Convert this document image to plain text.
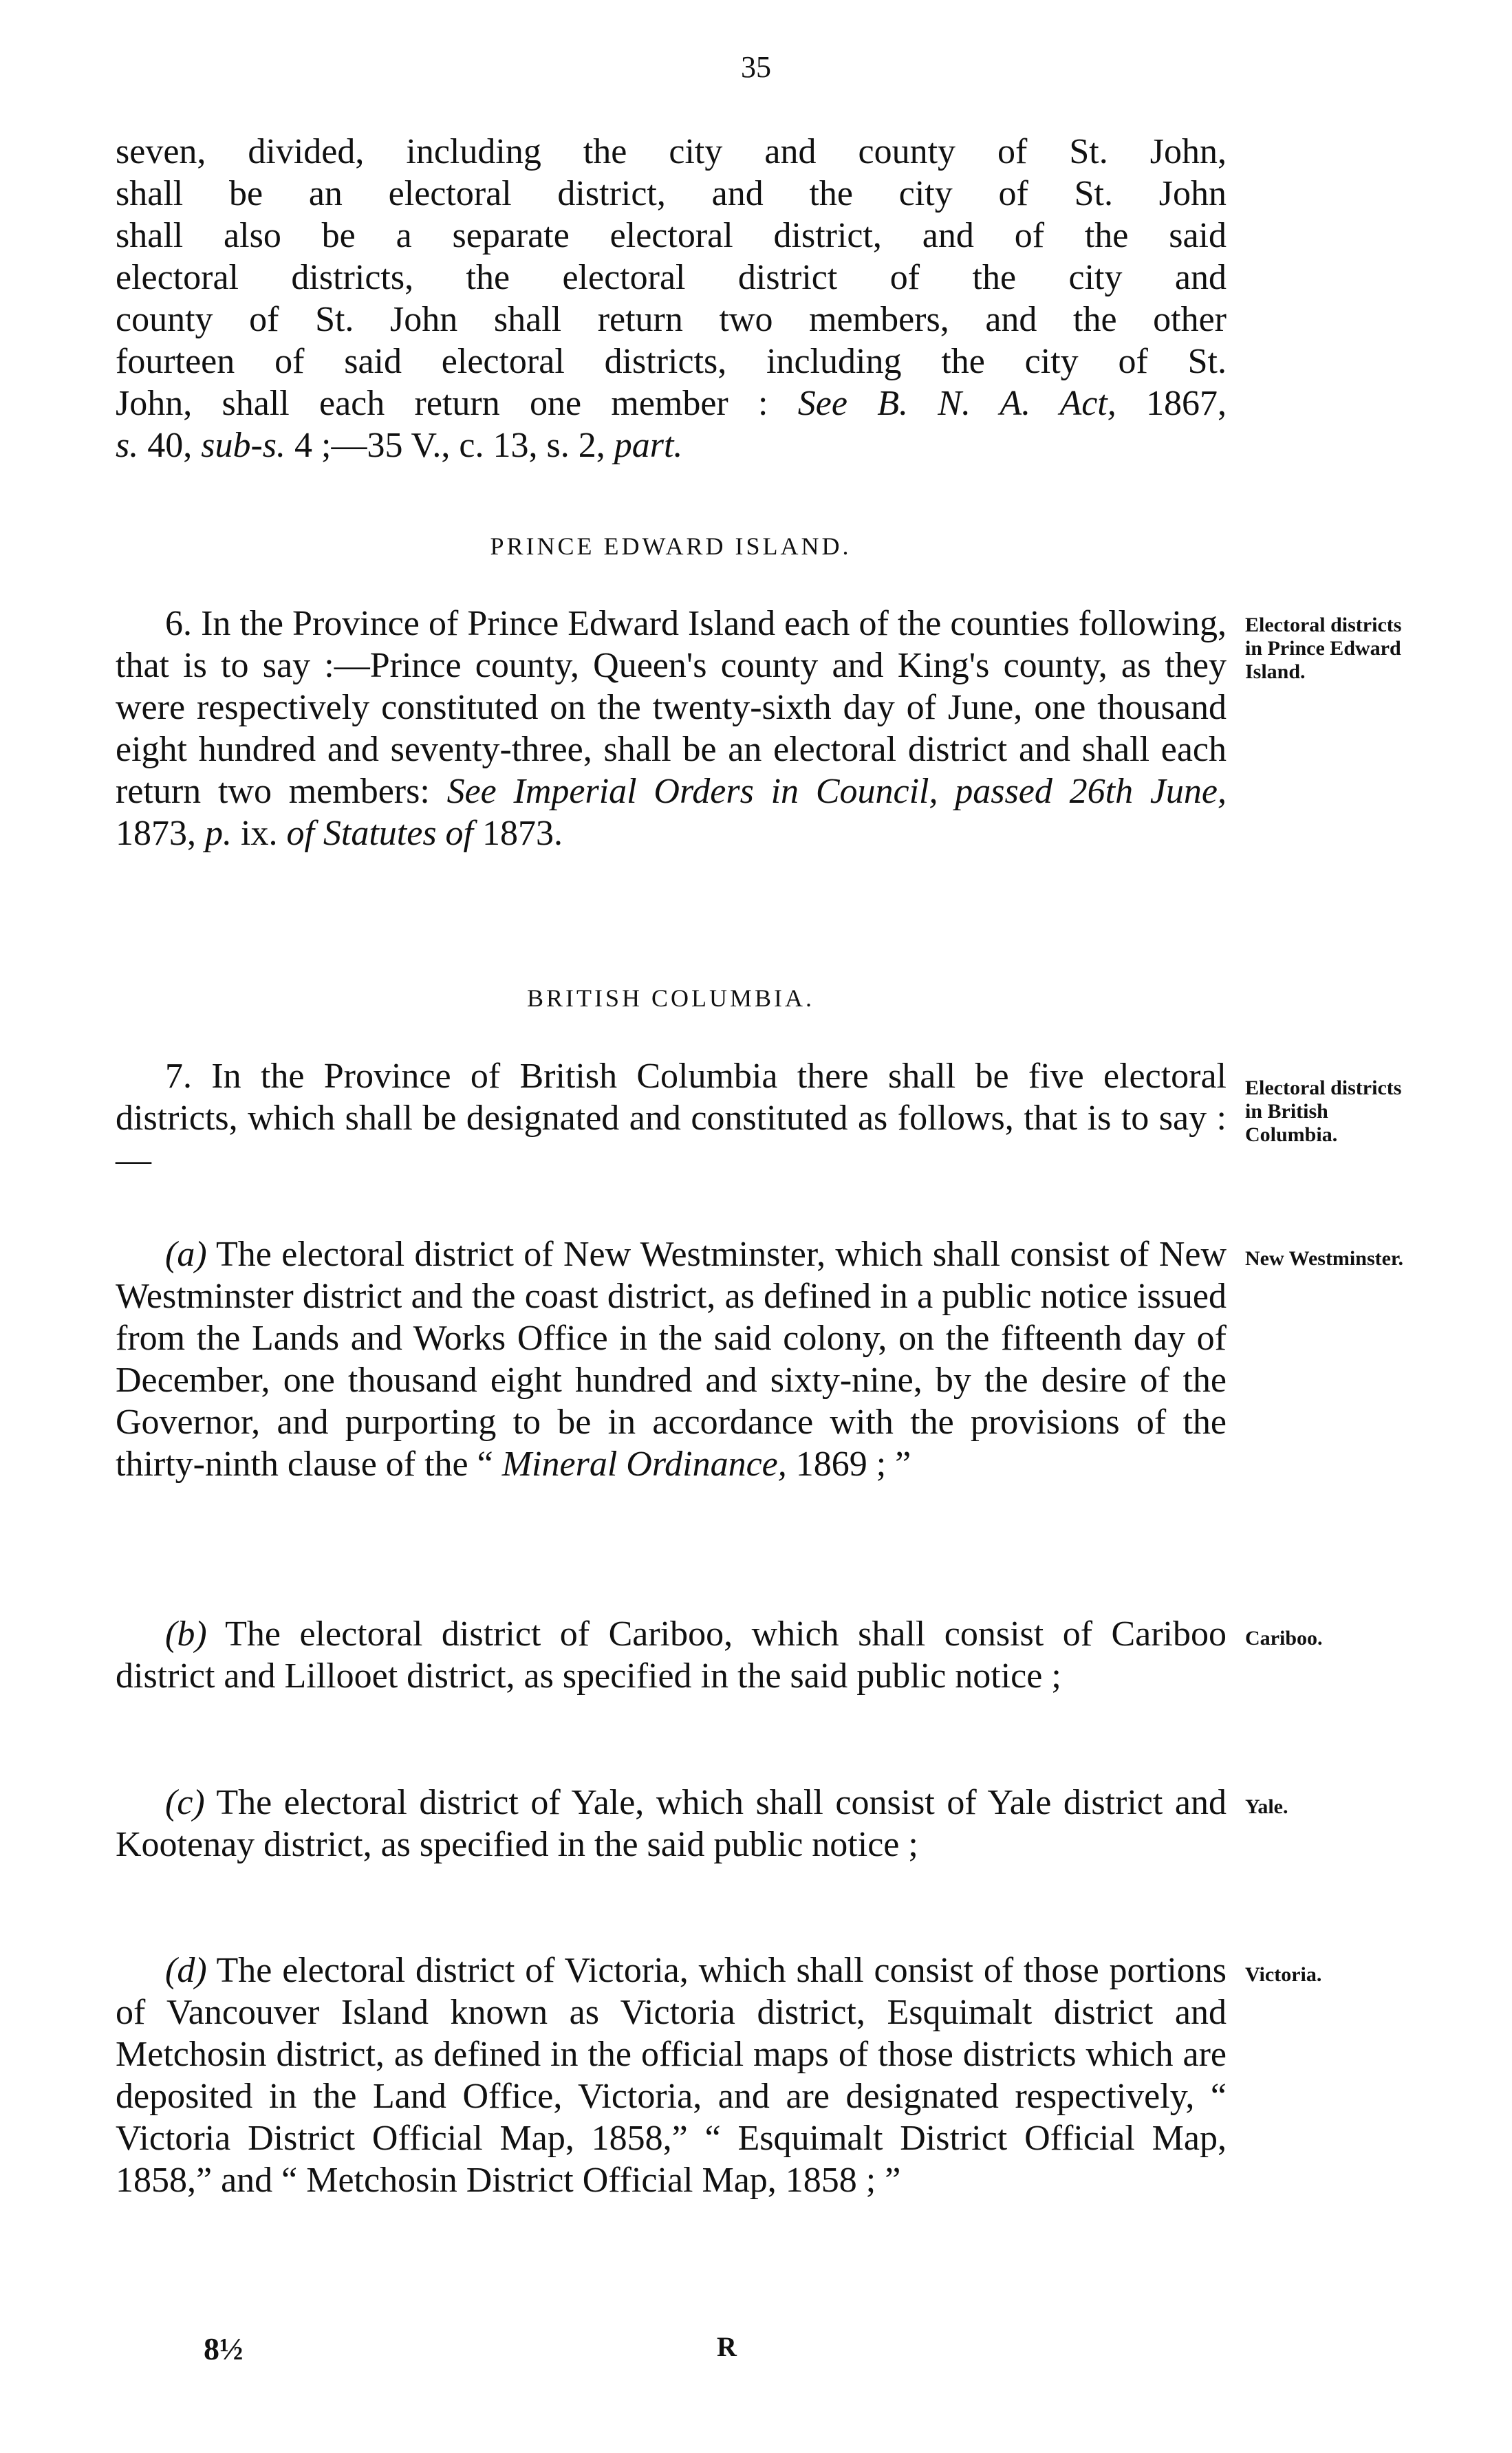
35

seven, divided, including the city and county of St. John,

shall be an electoral district, and the city of St. John

shall also be a separate electoral district, and of the said

electoral districts, the electoral district of the city and

county of St. John shall return two members, and the other

fourteen of said electoral districts, including the city of St.

John, shall each return one member : See B. N. A. Act, 1867,

s. 40, sub-s. 4 ;—35 V., c. 13, s. 2, part.

PRINCE EDWARD ISLAND.

6. In the Province of Prince Edward Island each of the counties following, that is to say :—Prince county, Queen's county and King's county, as they were respectively constituted on the twenty-sixth day of June, one thousand eight hundred and seventy-three, shall be an electoral district and shall each return two members: See Imperial Orders in Council, passed 26th June, 1873, p. ix. of Statutes of 1873.

Electoral districts in Prince Edward Island.
BRITISH COLUMBIA.

7. In the Province of British Columbia there shall be five electoral districts, which shall be designated and constituted as follows, that is to say :—

Electoral districts in British Columbia.

(a) The electoral district of New Westminster, which shall consist of New Westminster district and the coast district, as defined in a public notice issued from the Lands and Works Office in the said colony, on the fifteenth day of December, one thousand eight hundred and sixty-nine, by the desire of the Governor, and purporting to be in accordance with the provisions of the thirty-ninth clause of the “ Mineral Ordinance, 1869 ; ”

New Westminster.

(b) The electoral district of Cariboo, which shall consist of Cariboo district and Lillooet district, as specified in the said public notice ;

Cariboo.

(c) The electoral district of Yale, which shall consist of Yale district and Kootenay district, as specified in the said public notice ;

Yale.

(d) The electoral district of Victoria, which shall consist of those portions of Vancouver Island known as Victoria district, Esquimalt district and Metchosin district, as defined in the official maps of those districts which are deposited in the Land Office, Victoria, and are designated respectively, “ Victoria District Official Map, 1858,” “ Esquimalt District Official Map, 1858,” and “ Metchosin District Official Map, 1858 ; ”

Victoria.
8½	R
